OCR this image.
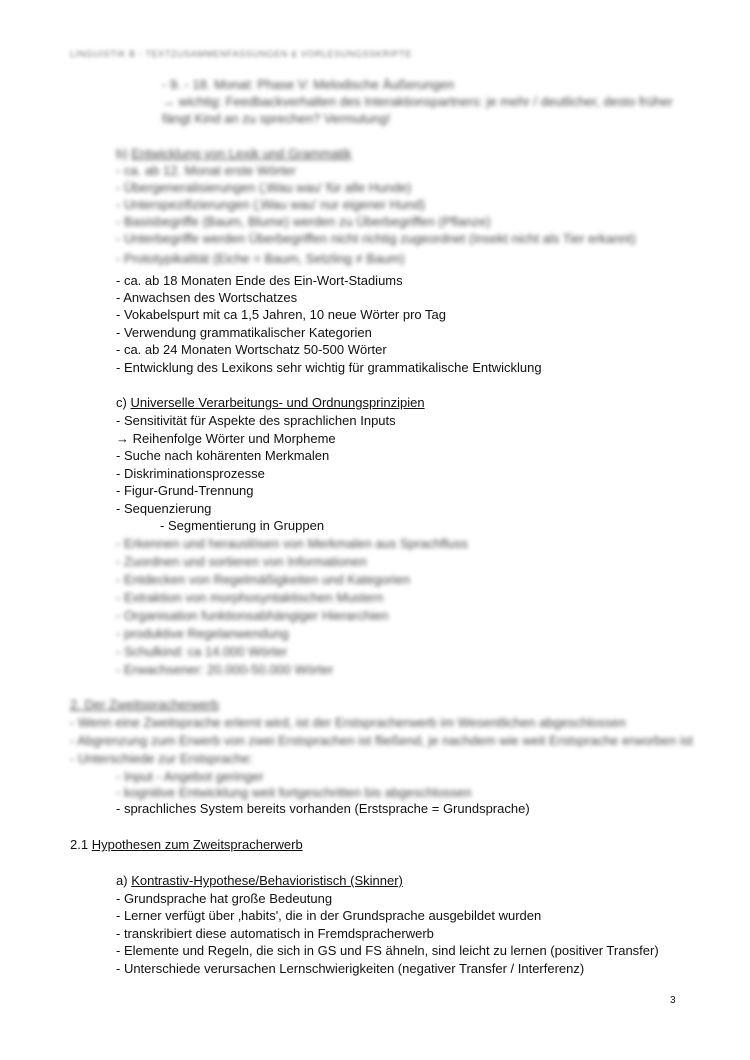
LINGUISTIK B - TEXTZUSAMMENFASSUNGEN & VORLESUNGSSKRIPTE
- 9. - 18. Monat: Phase V: Melodische Äußerungen
→ wichtig: Feedbackverhalten des Interaktionspartners: je mehr / deutlicher, desto früher
fängt Kind an zu sprechen? Vermutung!
b) Entwicklung von Lexik und Grammatik
- ca. ab 12. Monat erste Wörter
- Übergeneralisierungen (‚Wau wau' für alle Hunde)
- Unterspezifizierungen (‚Wau wau' nur eigener Hund)
- Basisbegriffe (Baum, Blume) werden zu Überbegriffen (Pflanze)
- Unterbegriffe werden Überbegriffen nicht richtig zugeordnet (Insekt nicht als Tier erkannt)
- Prototypikalität (Eiche = Baum, Setzling ≠ Baum)
- ca. ab 18 Monaten Ende des Ein-Wort-Stadiums
- Anwachsen des Wortschatzes
- Vokabelspurt mit ca 1,5 Jahren, 10 neue Wörter pro Tag
- Verwendung grammatikalischer Kategorien
- ca. ab 24 Monaten Wortschatz 50-500 Wörter
- Entwicklung des Lexikons sehr wichtig für grammatikalische Entwicklung
c) Universelle Verarbeitungs- und Ordnungsprinzipien
- Sensitivität für Aspekte des sprachlichen Inputs
→ Reihenfolge Wörter und Morpheme
- Suche nach kohärenten Merkmalen
- Diskriminationsprozesse
- Figur-Grund-Trennung
- Sequenzierung
- Segmentierung in Gruppen
- Erkennen und herauslösen von Merkmalen aus Sprachfluss
- Zuordnen und sortieren von Informationen
- Entdecken von Regelmäßigkeiten und Kategorien
- Extraktion von morphosyntaktischen Mustern
- Organisation funktionsabhängiger Hierarchien
- produktive Regelanwendung
- Schulkind: ca 14.000 Wörter
- Erwachsener: 20.000-50.000 Wörter
2. Der Zweitspracherwerb
- Wenn eine Zweitsprache erlernt wird, ist der Erstspracherwerb im Wesentlichen abgeschlossen
- Abgrenzung zum Erwerb von zwei Erstsprachen ist fließend, je nachdem wie weit Erstsprache erworben ist
- Unterschiede zur Erstsprache:
- Input - Angebot geringer
- kognitive Entwicklung weit fortgeschritten bis abgeschlossen
- sprachliches System bereits vorhanden (Erstsprache = Grundsprache)
2.1 Hypothesen zum Zweitspracherwerb
a) Kontrastiv-Hypothese/Behavioristisch (Skinner)
- Grundsprache hat große Bedeutung
- Lerner verfügt über ‚habits', die in der Grundsprache ausgebildet wurden
- transkribiert diese automatisch in Fremdspracherwerb
- Elemente und Regeln, die sich in GS und FS ähneln, sind leicht zu lernen (positiver Transfer)
- Unterschiede verursachen Lernschwierigkeiten (negativer Transfer / Interferenz)
3
